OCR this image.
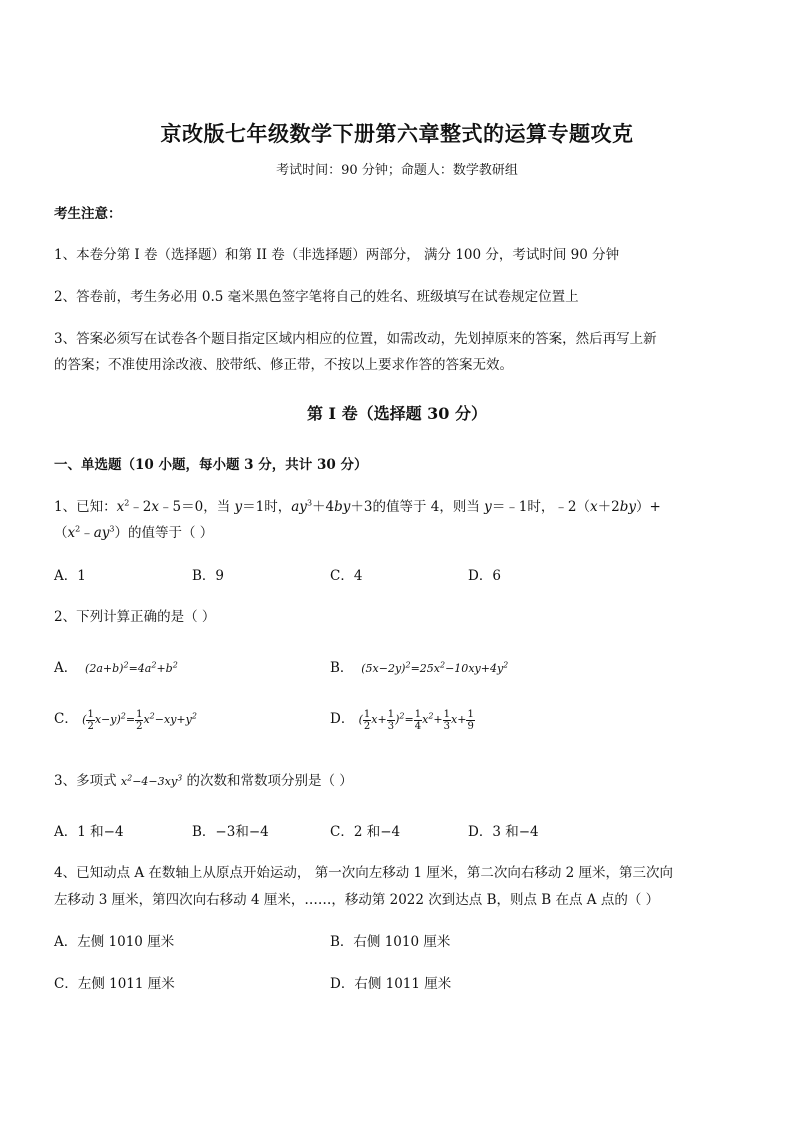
京改版七年级数学下册第六章整式的运算专题攻克
考试时间：90 分钟；命题人：数学教研组
考生注意：
1、本卷分第 I 卷（选择题）和第 II 卷（非选择题）两部分， 满分 100 分，考试时间 90 分钟
2、答卷前，考生务必用 0.5 毫米黑色签字笔将自己的姓名、班级填写在试卷规定位置上
3、答案必须写在试卷各个题目指定区域内相应的位置，如需改动，先划掉原来的答案，然后再写上新
的答案；不准使用涂改液、胶带纸、修正带，不按以上要求作答的答案无效。
第 I 卷（选择题 30 分）
一、单选题（10 小题，每小题 3 分，共计 30 分）
1、已知：$x^2﹣2x﹣5=0$，当 y＝1时，$ay^3+4by+3$的值等于 4，则当 y＝﹣1时，﹣2（x＋2by）+
$(x^2﹣ay^3)$的值等于（ ）
A．1	B．9	C．4	D．6
2、下列计算正确的是（ ）
A．  $(2a+b)^2=4a^2+b^2$	B．  $(5x-2y)^2=25x^2-10xy+4y^2$
C． ( $\frac{1}{2} x-y)^2= \frac{1}{2} x^2-xy+y^2$	D． ( $\frac{1}{2} x+ \frac{1}{3} )^2= \frac{1}{4} x^2+ \frac{1}{3} x+ \frac{1}{9}$
3、多项式 $x^2-4-3xy^3$ 的次数和常数项分别是（ ）
A．1 和−4	B．−3和−4	C．2 和−4	D．3 和−4
4、已知动点 A 在数轴上从原点开始运动， 第一次向左移动 1 厘米，第二次向右移动 2 厘米，第三次向
左移动 3 厘米，第四次向右移动 4 厘米，……，移动第 2022 次到达点 B，则点 B 在点 A 点的（ ）
A．左侧 1010 厘米	B．右侧 1010 厘米
C．左侧 1011 厘米	D．右侧 1011 厘米
